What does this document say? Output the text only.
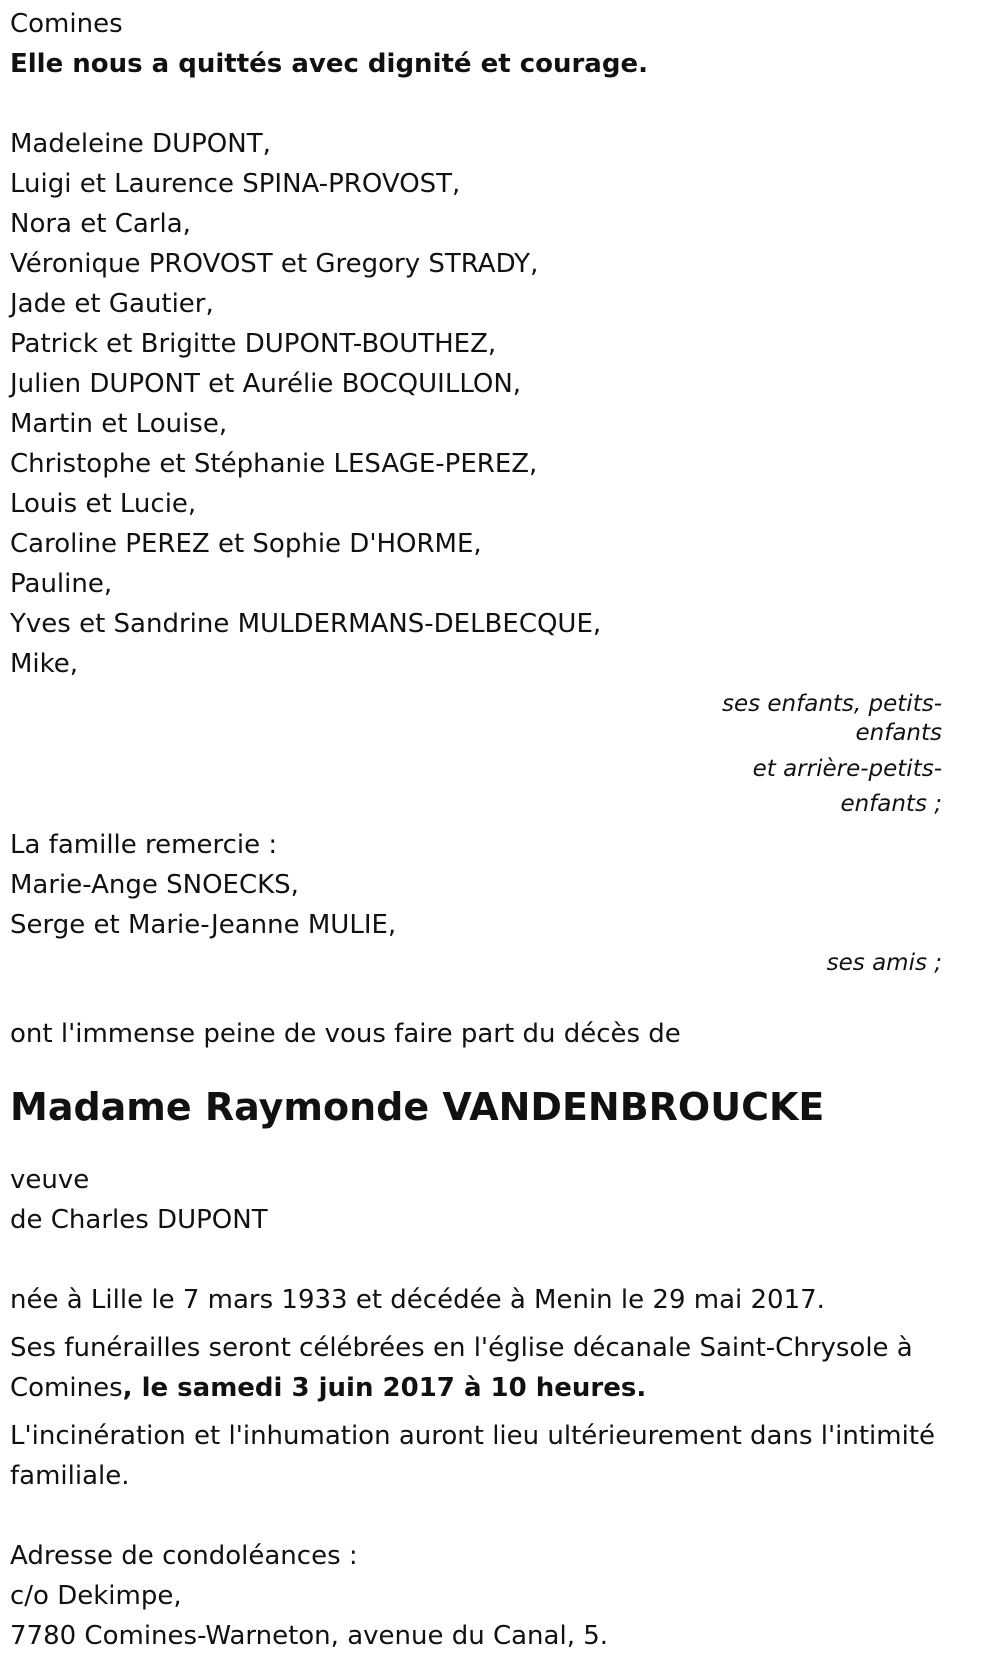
Comines
Elle nous a quittés avec dignité et courage.
Madeleine DUPONT,
Luigi et Laurence SPINA-PROVOST,
Nora et Carla,
Véronique PROVOST et Gregory STRADY,
Jade et Gautier,
Patrick et Brigitte DUPONT-BOUTHEZ,
Julien DUPONT et Aurélie BOCQUILLON,
Martin et Louise,
Christophe et Stéphanie LESAGE-PEREZ,
Louis et Lucie,
Caroline PEREZ et Sophie D'HORME,
Pauline,
Yves et Sandrine MULDERMANS-DELBECQUE,
Mike,
ses enfants, petits-
enfants
et arrière-petits-
enfants ;
La famille remercie :
Marie-Ange SNOECKS,
Serge et Marie-Jeanne MULIE,
ses amis ;
ont l'immense peine de vous faire part du décès de
Madame Raymonde VANDENBROUCKE
veuve
de Charles DUPONT
née à Lille le 7 mars 1933 et décédée à Menin le 29 mai 2017.
Ses funérailles seront célébrées en l'église décanale Saint-Chrysole à Comines, le samedi 3 juin 2017 à 10 heures.
L'incinération et l'inhumation auront lieu ultérieurement dans l'intimité familiale.
Adresse de condoléances :
c/o Dekimpe,
7780 Comines-Warneton, avenue du Canal, 5.
